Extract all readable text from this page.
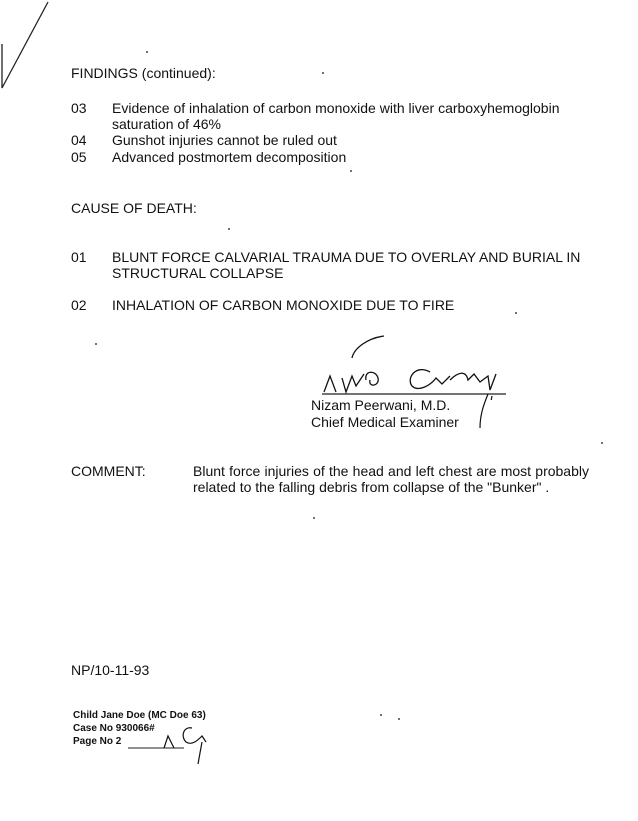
FINDINGS (continued):
03	Evidence of inhalation of carbon monoxide with liver carboxyhemoglobin saturation of 46%
04	Gunshot injuries cannot be ruled out
05	Advanced postmortem decomposition
CAUSE OF DEATH:
01	BLUNT FORCE CALVARIAL TRAUMA DUE TO OVERLAY AND BURIAL IN STRUCTURAL COLLAPSE
02	INHALATION OF CARBON MONOXIDE DUE TO FIRE
Nizam Peerwani, M.D.
Chief Medical Examiner
COMMENT:	Blunt force injuries of the head and left chest are most probably related to the falling debris from collapse of the "Bunker" .
NP/10-11-93
Child Jane Doe (MC Doe 63)
Case No 930066#
Page No 2
